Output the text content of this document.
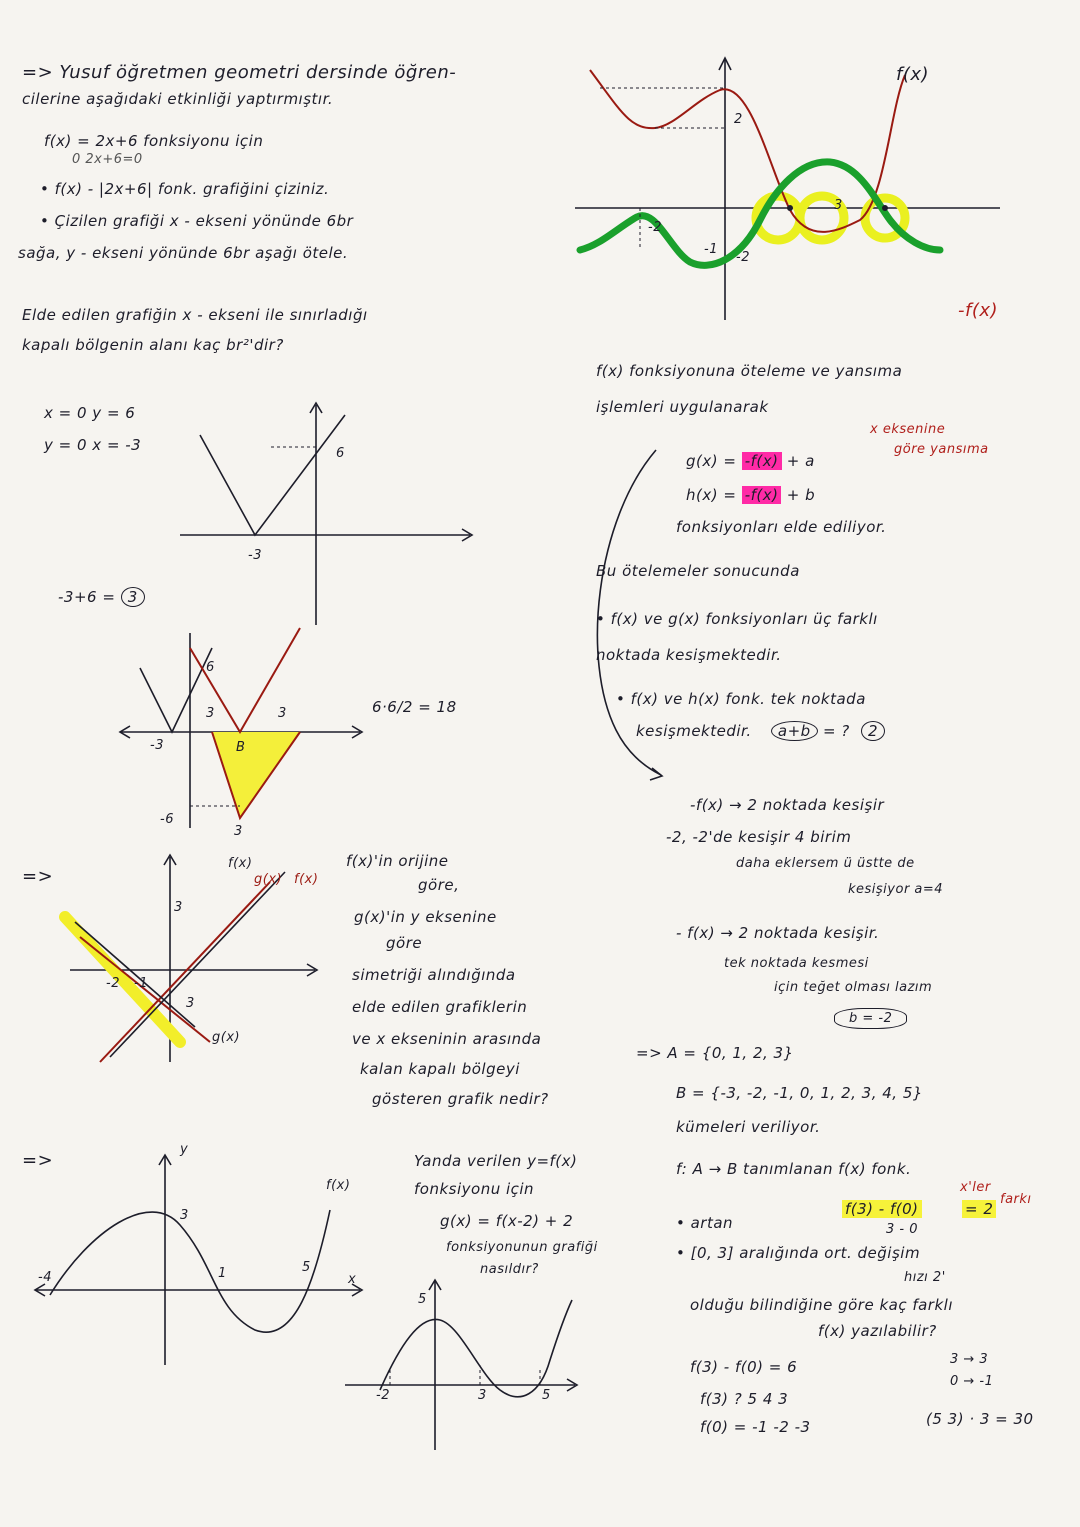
=> Yusuf öğretmen geometri dersinde öğren-
cilerine aşağıdaki etkinliği yaptırmıştır.
f(x) = 2x+6 fonksiyonu için
0 2x+6=0
• f(x) - |2x+6| fonk. grafiğini çiziniz.
• Çizilen grafiği x - ekseni yönünde 6br
sağa, y - ekseni yönünde 6br aşağı ötele.
Elde edilen grafiğin x - ekseni ile sınırladığı
kapalı bölgenin alanı kaç br²'dir?
x = 0 y = 6
y = 0 x = -3	6
-3
-3+6 = 3
6
3	3
-3	B
-6
3
6·6/2 = 18
=>
f(x)
g(x) f(x)
g(x)
3
3
-2 -1
f(x)'in orijine
göre,
g(x)'in y eksenine
göre
simetriği alındığında
elde edilen grafiklerin
ve x ekseninin arasında
kalan kapalı bölgeyi
gösteren grafik nedir?
=>
y
3
-4	1	5
x
f(x)
Yanda verilen y=f(x)
fonksiyonu için
g(x) = f(x-2) + 2
fonksiyonunun grafiği
nasıldır?
5
-2	3	5
f(x)
-f(x)
2
-2
-1
-2
3
f(x) fonksiyonuna öteleme ve yansıma
işlemleri uygulanarak
x eksenine
göre yansıma
g(x) = -f(x) + a
h(x) = -f(x) + b
fonksiyonları elde ediliyor.
Bu ötelemeler sonucunda
• f(x) ve g(x) fonksiyonları üç farklı
noktada kesişmektedir.
• f(x) ve h(x) fonk. tek noktada
kesişmektedir. a+b = ? 2
-f(x) → 2 noktada kesişir
-2, -2'de kesişir 4 birim
daha eklersem ü üstte de
kesişiyor a=4
- f(x) → 2 noktada kesişir.
tek noktada kesmesi
için teğet olması lazım
b = -2
=> A = {0, 1, 2, 3}
B = {-3, -2, -1, 0, 1, 2, 3, 4, 5}
kümeleri veriliyor.
f: A → B tanımlanan f(x) fonk.
• artan
f(3) - f(0)
3 - 0
= 2
x'ler
farkı
• [0, 3] aralığında ort. değişim
hızı 2'
olduğu bilindiğine göre kaç farklı
f(x) yazılabilir?
f(3) - f(0) = 6
f(3) ? 5 4 3
f(0) = -1 -2 -3
3 → 3
0 → -1
(5 3) · 3 = 30
